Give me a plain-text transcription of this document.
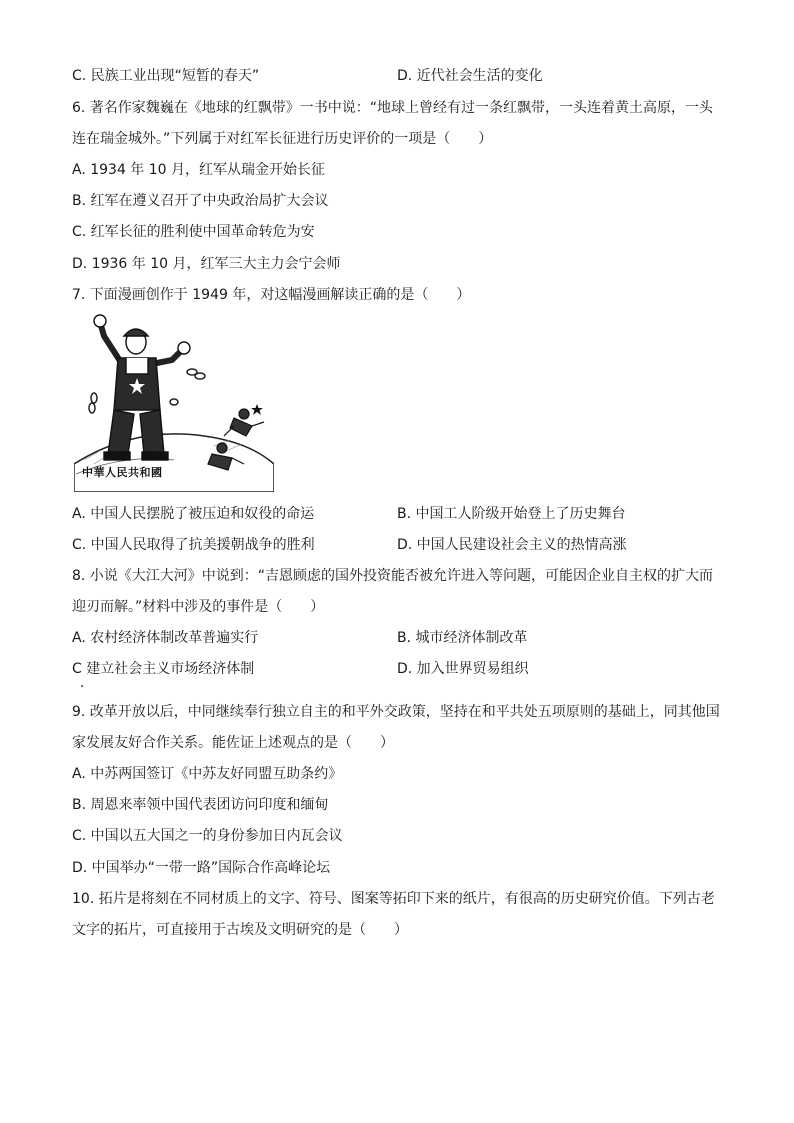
C. 民族工业出现“短暂的春天”	D. 近代社会生活的变化
6. 著名作家魏巍在《地球的红飘带》一书中说：“地球上曾经有过一条红飘带，一头连着黄土高原，一头
连在瑞金城外。”下列属于对红军长征进行历史评价的一项是（　　）
A. 1934 年 10 月，红军从瑞金开始长征
B. 红军在遵义召开了中央政治局扩大会议
C. 红军长征的胜利使中国革命转危为安
D. 1936 年 10 月，红军三大主力会宁会师
7. 下面漫画创作于 1949 年，对这幅漫画解读正确的是（　　）
中華人民共和國
A. 中国人民摆脱了被压迫和奴役的命运	B. 中国工人阶级开始登上了历史舞台
C. 中国人民取得了抗美援朝战争的胜利	D. 中国人民建设社会主义的热情高涨
8. 小说《大江大河》中说到：“吉恩顾虑的国外投资能否被允许进入等问题，可能因企业自主权的扩大而
迎刃而解。”材料中涉及的事件是（　　）
A. 农村经济体制改革普遍实行	B. 城市经济体制改革
C 建立社会主义市场经济体制	D. 加入世界贸易组织
9. 改革开放以后，中同继续奉行独立自主的和平外交政策，坚持在和平共处五项原则的基础上，同其他国
家发展友好合作关系。能佐证上述观点的是（　　）
A. 中苏两国签订《中苏友好同盟互助条约》
B. 周恩来率领中国代表团访问印度和缅甸
C. 中国以五大国之一的身份参加日内瓦会议
D. 中国举办“一带一路”国际合作高峰论坛
10. 拓片是将刻在不同材质上的文字、符号、图案等拓印下来的纸片，有很高的历史研究价值。下列古老
文字的拓片，可直接用于古埃及文明研究的是（　　）
